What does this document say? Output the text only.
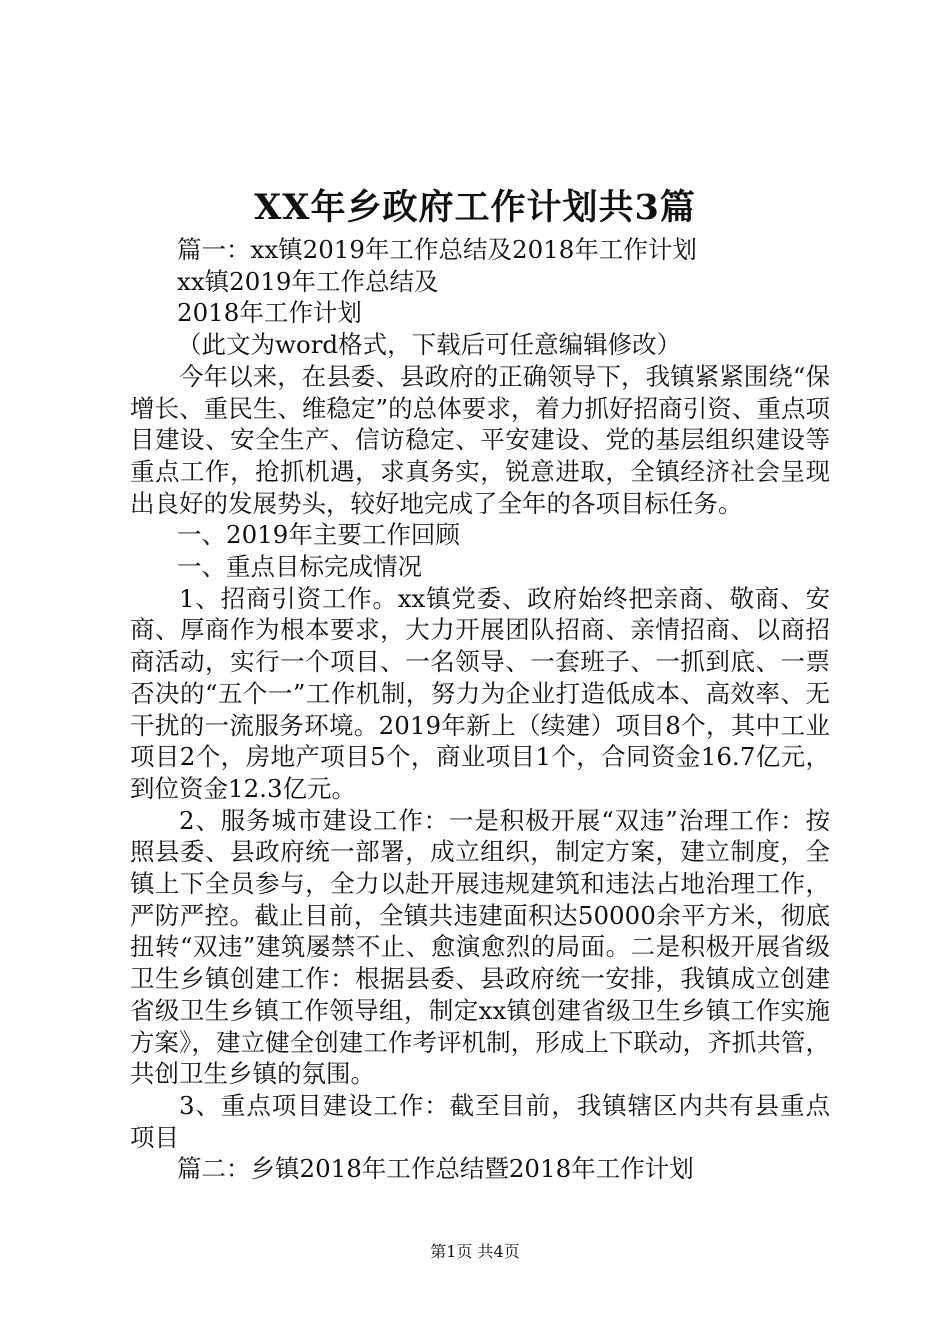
XX年乡政府工作计划共3篇

篇一：xx镇2019年工作总结及2018年工作计划

xx镇2019年工作总结及

2018年工作计划

（此文为word格式，下载后可任意编辑修改）

今年以来，在县委、县政府的正确领导下，我镇紧紧围绕“保增长、重民生、维稳定”的总体要求，着力抓好招商引资、重点项目建设、安全生产、信访稳定、平安建设、党的基层组织建设等重点工作，抢抓机遇，求真务实，锐意进取，全镇经济社会呈现出良好的发展势头，较好地完成了全年的各项目标任务。

一、2019年主要工作回顾

一、重点目标完成情况

1、招商引资工作。xx镇党委、政府始终把亲商、敬商、安商、厚商作为根本要求，大力开展团队招商、亲情招商、以商招商活动，实行一个项目、一名领导、一套班子、一抓到底、一票否决的“五个一”工作机制，努力为企业打造低成本、高效率、无干扰的一流服务环境。2019年新上（续建）项目8个，其中工业项目2个，房地产项目5个，商业项目1个，合同资金16.7亿元，到位资金12.3亿元。

2、服务城市建设工作：一是积极开展“双违”治理工作：按照县委、县政府统一部署，成立组织，制定方案，建立制度，全镇上下全员参与，全力以赴开展违规建筑和违法占地治理工作，严防严控。截止目前，全镇共违建面积达50000余平方米，彻底扭转“双违”建筑屡禁不止、愈演愈烈的局面。二是积极开展省级卫生乡镇创建工作：根据县委、县政府统一安排，我镇成立创建省级卫生乡镇工作领导组，制定xx镇创建省级卫生乡镇工作实施方案》，建立健全创建工作考评机制，形成上下联动，齐抓共管，共创卫生乡镇的氛围。

3、重点项目建设工作：截至目前，我镇辖区内共有县重点项目

篇二：乡镇2018年工作总结暨2018年工作计划

第1页 共4页
